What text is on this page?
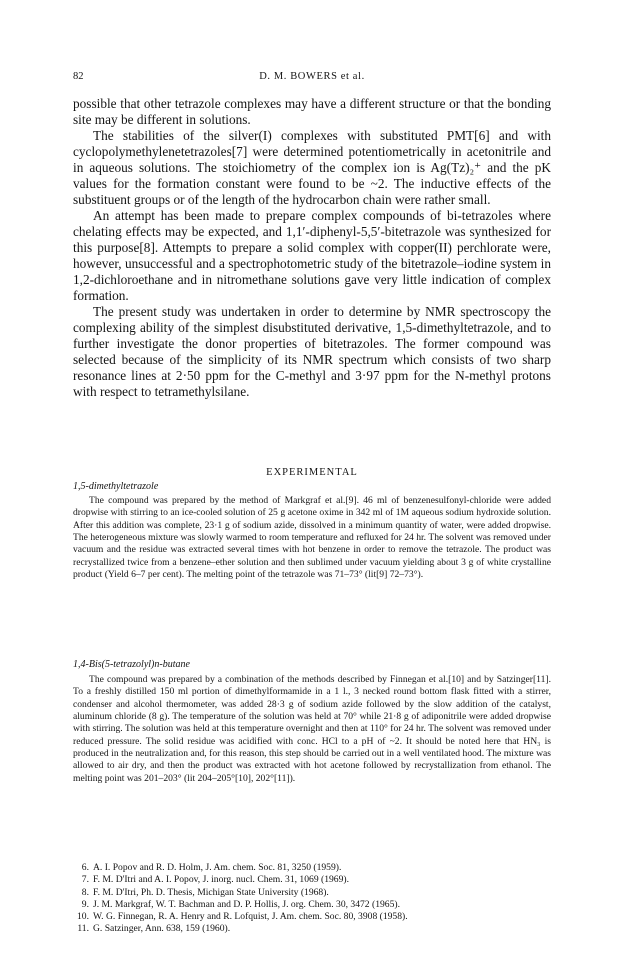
82	D. M. BOWERS et al.

possible that other tetrazole complexes may have a different structure or that the bonding site may be different in solutions.

The stabilities of the silver(I) complexes with substituted PMT[6] and with cyclopolymethylenetetrazoles[7] were determined potentiometrically in acetonitrile and in aqueous solutions. The stoichiometry of the complex ion is Ag(Tz)₂⁺ and the pK values for the formation constant were found to be ~2. The inductive effects of the substituent groups or of the length of the hydrocarbon chain were rather small.

An attempt has been made to prepare complex compounds of bi-tetrazoles where chelating effects may be expected, and 1,1′-diphenyl-5,5′-bitetrazole was synthesized for this purpose[8]. Attempts to prepare a solid complex with copper(II) perchlorate were, however, unsuccessful and a spectrophotometric study of the bitetrazole–iodine system in 1,2-dichloroethane and in nitromethane solutions gave very little indication of complex formation.

The present study was undertaken in order to determine by NMR spectroscopy the complexing ability of the simplest disubstituted derivative, 1,5-dimethyltetrazole, and to further investigate the donor properties of bitetrazoles. The former compound was selected because of the simplicity of its NMR spectrum which consists of two sharp resonance lines at 2·50 ppm for the C-methyl and 3·97 ppm for the N-methyl protons with respect to tetramethylsilane.

EXPERIMENTAL
1,5-dimethyltetrazole

The compound was prepared by the method of Markgraf et al.[9]. 46 ml of benzenesulfonyl-chloride were added dropwise with stirring to an ice-cooled solution of 25 g acetone oxime in 342 ml of 1M aqueous sodium hydroxide solution. After this addition was complete, 23·1 g of sodium azide, dissolved in a minimum quantity of water, were added dropwise. The heterogeneous mixture was slowly warmed to room temperature and refluxed for 24 hr. The solvent was removed under vacuum and the residue was extracted several times with hot benzene in order to remove the tetrazole. The product was recrystallized twice from a benzene–ether solution and then sublimed under vacuum yielding about 3 g of white crystalline product (Yield 6–7 per cent). The melting point of the tetrazole was 71–73° (lit[9] 72–73°).

1,4-Bis(5-tetrazolyl)n-butane

The compound was prepared by a combination of the methods described by Finnegan et al.[10] and by Satzinger[11]. To a freshly distilled 150 ml portion of dimethylformamide in a 1 l., 3 necked round bottom flask fitted with a stirrer, condenser and alcohol thermometer, was added 28·3 g of sodium azide followed by the slow addition of the catalyst, aluminum chloride (8 g). The temperature of the solution was held at 70° while 21·8 g of adiponitrile were added dropwise with stirring. The solution was held at this temperature overnight and then at 110° for 24 hr. The solvent was removed under reduced pressure. The solid residue was acidified with conc. HCl to a pH of ~2. It should be noted here that HN₃ is produced in the neutralization and, for this reason, this step should be carried out in a well ventilated hood. The mixture was allowed to air dry, and then the product was extracted with hot acetone followed by recrystallization from ethanol. The melting point was 201–203° (lit 204–205°[10], 202°[11]).

6. A. I. Popov and R. D. Holm, J. Am. chem. Soc. 81, 3250 (1959).
7. F. M. D'Itri and A. I. Popov, J. inorg. nucl. Chem. 31, 1069 (1969).
8. F. M. D'Itri, Ph. D. Thesis, Michigan State University (1968).
9. J. M. Markgraf, W. T. Bachman and D. P. Hollis, J. org. Chem. 30, 3472 (1965).
10. W. G. Finnegan, R. A. Henry and R. Lofquist, J. Am. chem. Soc. 80, 3908 (1958).
11. G. Satzinger, Ann. 638, 159 (1960).
